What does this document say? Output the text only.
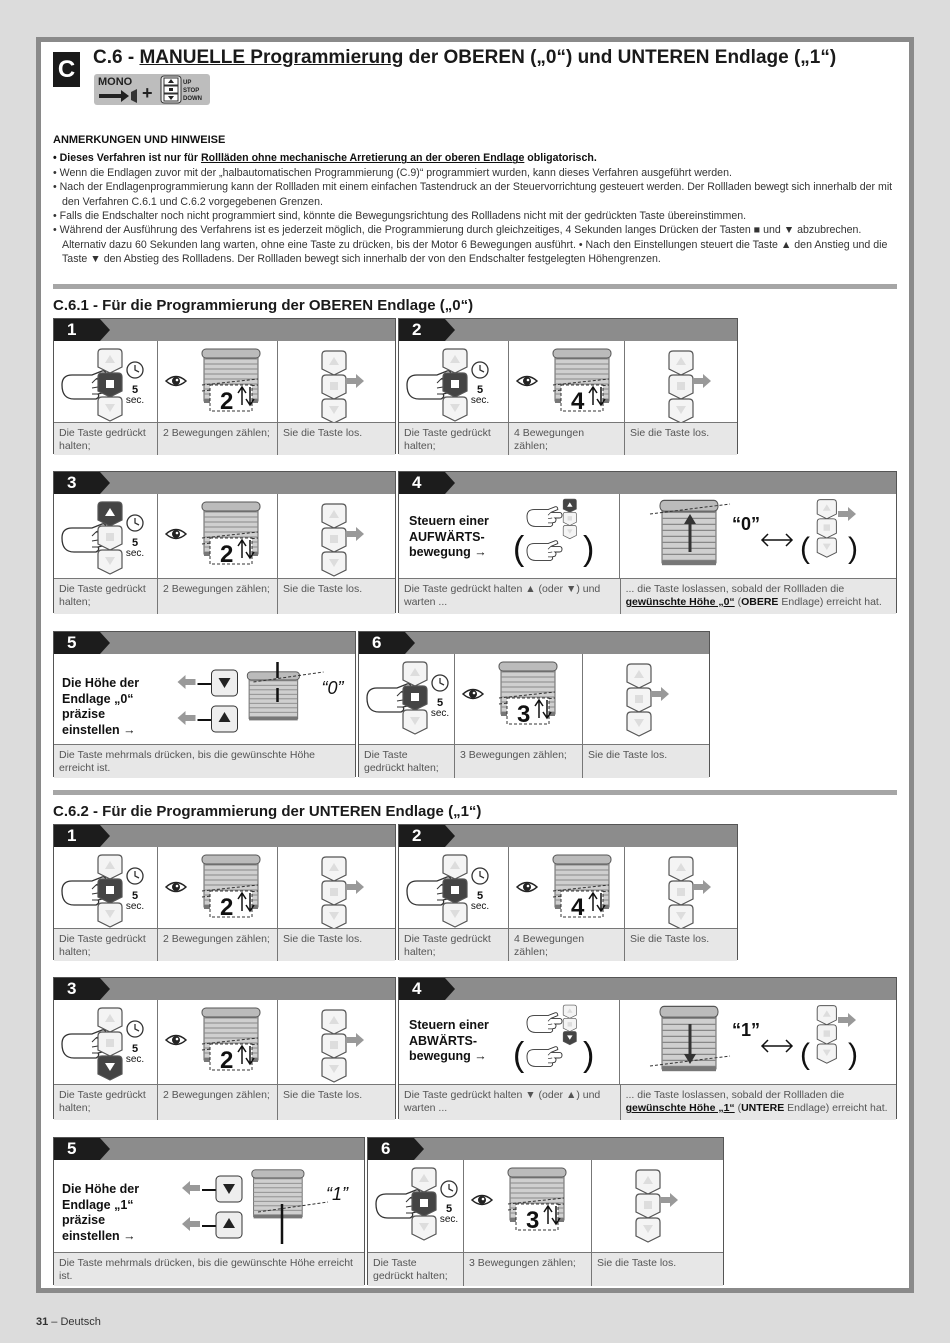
C C.6 - MANUELLE Programmierung der OBEREN („0“) und UNTEREN Endlage („1“)
MONO
+	UP
STOP
DOWN
ANMERKUNGEN UND HINWEISE
• Dieses Verfahren ist nur für Rollläden ohne mechanische Arretierung an der oberen Endlage obligatorisch.
• Wenn die Endlagen zuvor mit der „halbautomatischen Programmierung (C.9)“ programmiert wurden, kann dieses Verfahren ausgeführt werden.
• Nach der Endlagenprogrammierung kann der Rollladen mit einem einfachen Tastendruck an der Steuervorrichtung gesteuert werden. Der Rollladen bewegt sich innerhalb der mit den Verfahren C.6.1 und C.6.2 vorgegebenen Grenzen.
• Falls die Endschalter noch nicht programmiert sind, könnte die Bewegungsrichtung des Rollladens nicht mit der gedrückten Taste übereinstimmen.
• Während der Ausführung des Verfahrens ist es jederzeit möglich, die Programmierung durch gleichzeitiges, 4 Sekunden langes Drücken der Tasten ■ und ▼ abzubrechen. Alternativ dazu 60 Sekunden lang warten, ohne eine Taste zu drücken, bis der Motor 6 Bewegungen ausführt. • Nach den Einstellungen steuert die Taste ▲ den Anstieg und die Taste ▼ den Abstieg des Rollladens. Der Rollladen bewegt sich innerhalb der von den Endschalter festgelegten Höhengrenzen.
C.6.1 - Für die Programmierung der OBEREN Endlage („0“)
1
5
sec.	2
Die Taste gedrückt halten;
2 Bewegungen zählen;	Sie die Taste los.
2
5
sec.	4
Die Taste gedrückt halten;
4 Bewegungen zählen;
Sie die Taste los.
3
5
sec.	2
Die Taste gedrückt halten;
2 Bewegungen zählen;	Sie die Taste los.
4
Steuern einer AUFWÄRTS-bewegung → ( )
“0”
( )
Die Taste gedrückt halten ▲ (oder ▼) und warten ...
... die Taste loslassen, sobald der Rollladen die gewünschte Höhe „0“ (OBERE Endlage) erreicht hat.
5
Die Höhe der Endlage „0“ präzise einstellen →
“0”
Die Taste mehrmals drücken, bis die gewünschte Höhe erreicht ist.
6
5
sec.	3
Die Taste gedrückt halten;
3 Bewegungen zählen;	Sie die Taste los.
C.6.2 - Für die Programmierung der UNTEREN Endlage („1“)
1
5
sec.	2
Die Taste gedrückt halten;
2 Bewegungen zählen;	Sie die Taste los.
2
5
sec.	4
Die Taste gedrückt halten;
4 Bewegungen zählen;
Sie die Taste los.
3
5
sec.	2
Die Taste gedrückt halten;
2 Bewegungen zählen;	Sie die Taste los.
4
Steuern einer ABWÄRTS-bewegung → ( )
“1”
( )
Die Taste gedrückt halten ▼ (oder ▲) und warten ...
... die Taste loslassen, sobald der Rollladen die gewünschte Höhe „1“ (UNTERE Endlage) erreicht hat.
5
Die Höhe der Endlage „1“ präzise einstellen →
“1”
Die Taste mehrmals drücken, bis die gewünschte Höhe erreicht ist.
6
5
sec.	3
Die Taste gedrückt halten;
3 Bewegungen zählen;	Sie die Taste los.
31 – Deutsch
